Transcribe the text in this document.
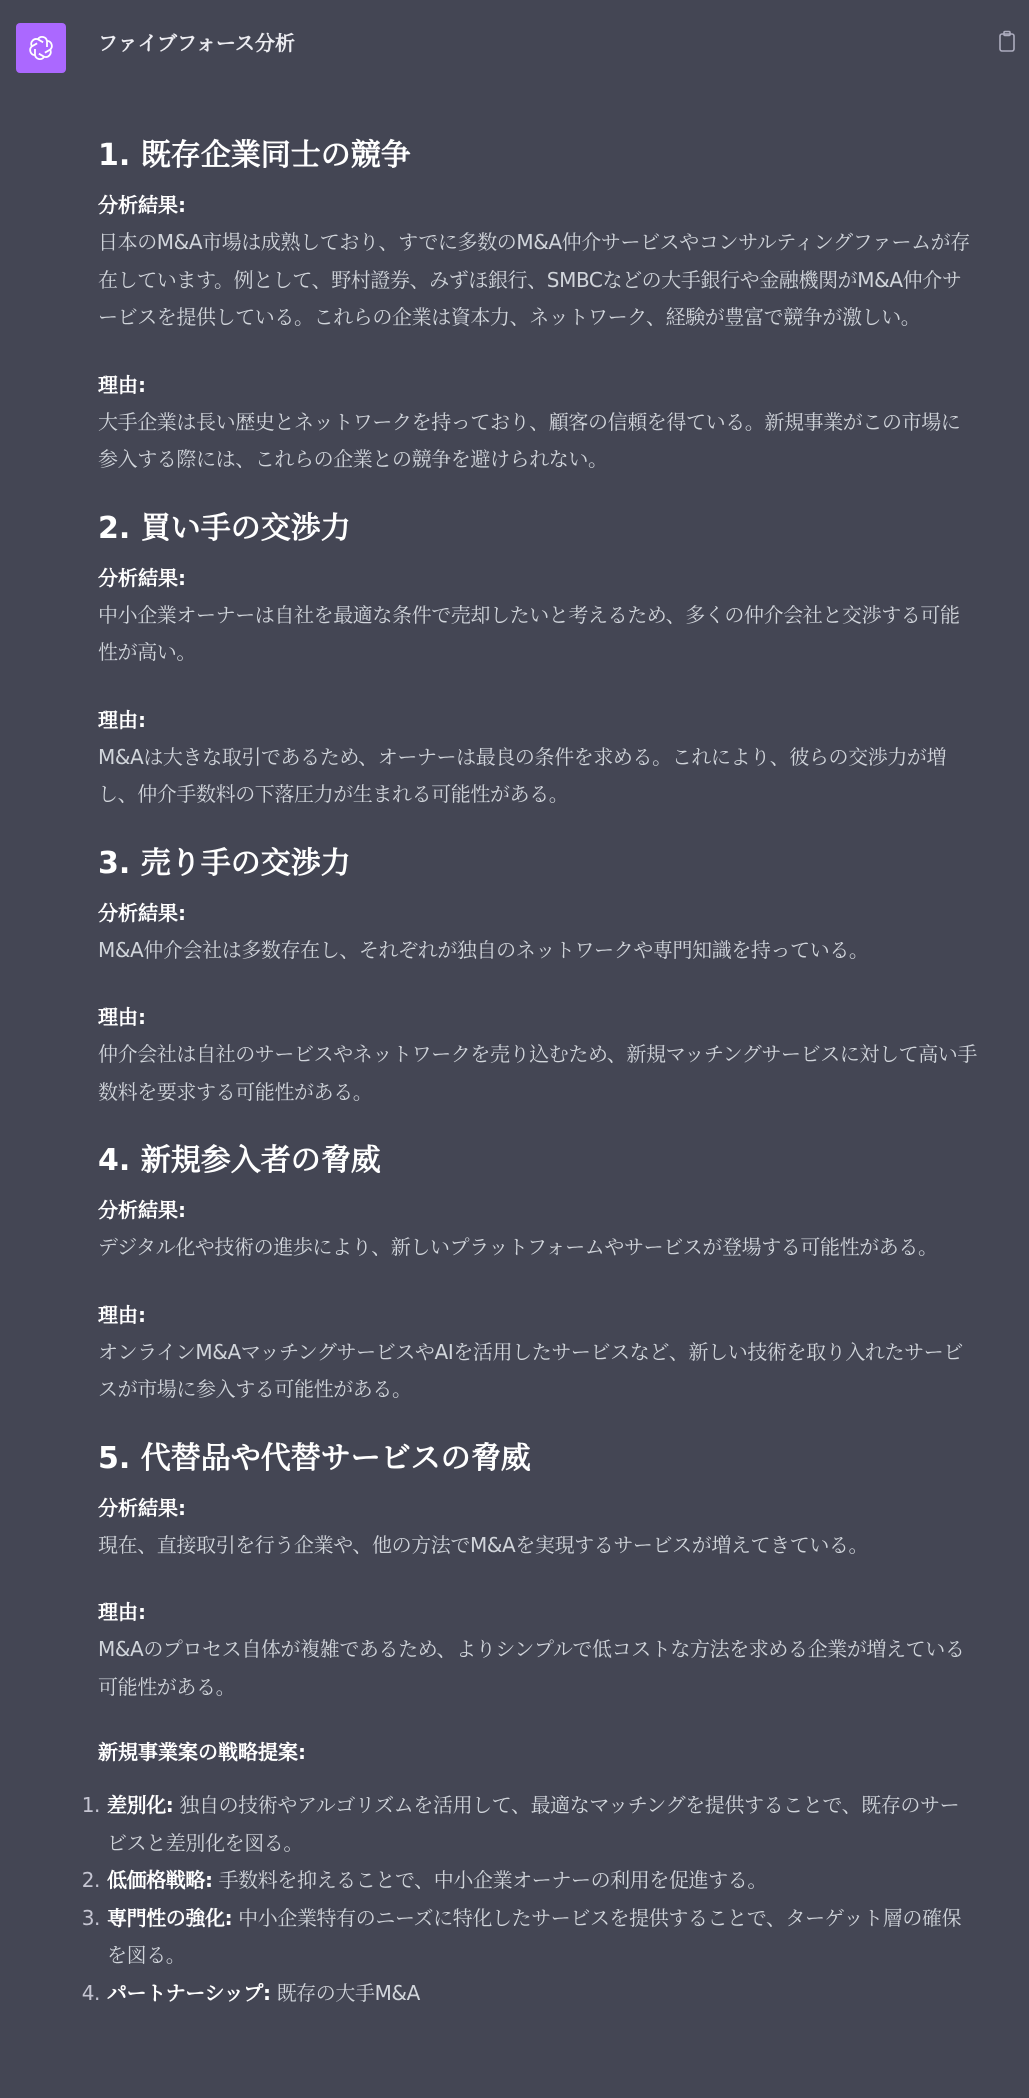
ファイブフォース分析
1. 既存企業同士の競争
分析結果:

日本のM&A市場は成熟しており、すでに多数のM&A仲介サービスやコンサルティングファームが存在しています。例として、野村證券、みずほ銀行、SMBCなどの大手銀行や金融機関がM&A仲介サービスを提供している。これらの企業は資本力、ネットワーク、経験が豊富で競争が激しい。

理由:

大手企業は長い歴史とネットワークを持っており、顧客の信頼を得ている。新規事業がこの市場に参入する際には、これらの企業との競争を避けられない。

2. 買い手の交渉力
分析結果:

中小企業オーナーは自社を最適な条件で売却したいと考えるため、多くの仲介会社と交渉する可能性が高い。

理由:

M&Aは大きな取引であるため、オーナーは最良の条件を求める。これにより、彼らの交渉力が増し、仲介手数料の下落圧力が生まれる可能性がある。

3. 売り手の交渉力
分析結果:

M&A仲介会社は多数存在し、それぞれが独自のネットワークや専門知識を持っている。

理由:

仲介会社は自社のサービスやネットワークを売り込むため、新規マッチングサービスに対して高い手数料を要求する可能性がある。

4. 新規参入者の脅威
分析結果:

デジタル化や技術の進歩により、新しいプラットフォームやサービスが登場する可能性がある。

理由:

オンラインM&AマッチングサービスやAIを活用したサービスなど、新しい技術を取り入れたサービスが市場に参入する可能性がある。

5. 代替品や代替サービスの脅威
分析結果:

現在、直接取引を行う企業や、他の方法でM&Aを実現するサービスが増えてきている。

理由:

M&Aのプロセス自体が複雑であるため、よりシンプルで低コストな方法を求める企業が増えている可能性がある。

新規事業案の戦略提案:
1. 差別化: 独自の技術やアルゴリズムを活用して、最適なマッチングを提供することで、既存のサービスと差別化を図る。
2. 低価格戦略: 手数料を抑えることで、中小企業オーナーの利用を促進する。
3. 専門性の強化: 中小企業特有のニーズに特化したサービスを提供することで、ターゲット層の確保を図る。
4. パートナーシップ: 既存の大手M&A
